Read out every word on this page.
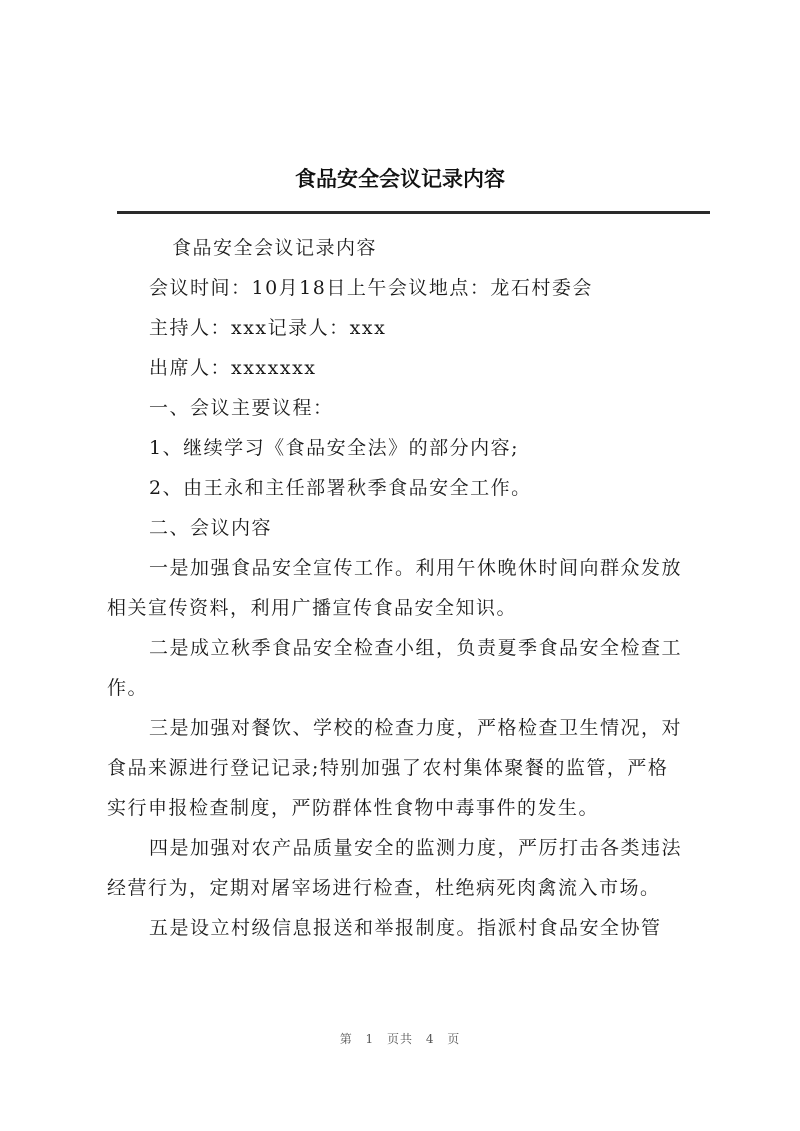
食品安全会议记录内容
食品安全会议记录内容
会议时间：10月18日上午会议地点：龙石村委会
主持人：xxx记录人：xxx
出席人：xxxxxxx
一、会议主要议程：
1、继续学习《食品安全法》的部分内容;
2、由王永和主任部署秋季食品安全工作。
二、会议内容
一是加强食品安全宣传工作。利用午休晚休时间向群众发放
相关宣传资料，利用广播宣传食品安全知识。
二是成立秋季食品安全检查小组，负责夏季食品安全检查工
作。
三是加强对餐饮、学校的检查力度，严格检查卫生情况，对
食品来源进行登记记录;特别加强了农村集体聚餐的监管，严格
实行申报检查制度，严防群体性食物中毒事件的发生。
四是加强对农产品质量安全的监测力度，严厉打击各类违法
经营行为，定期对屠宰场进行检查，杜绝病死肉禽流入市场。
五是设立村级信息报送和举报制度。指派村食品安全协管
第 1 页共 4 页
